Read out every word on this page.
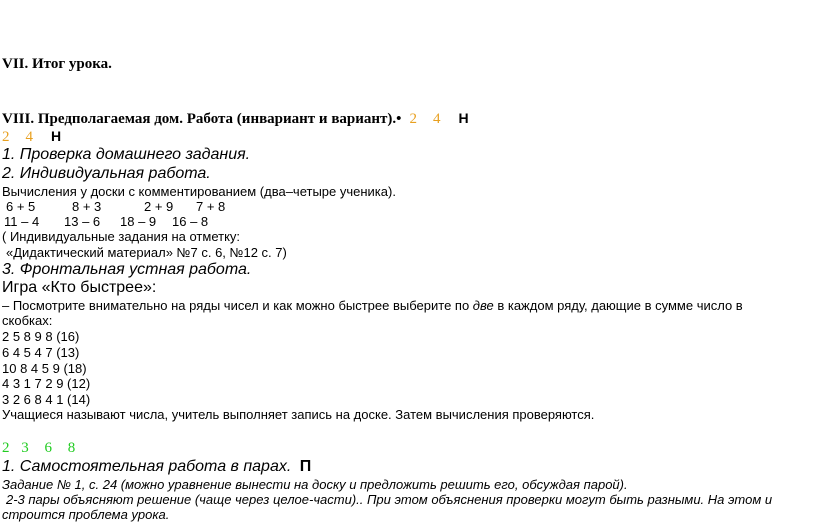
VII. Итог урока.
VIII. Предполагаемая дом. Работа (инвариант и вариант).• 2 4 Н
2 4 Н
1. Проверка домашнего задания.
2. Индивидуальная работа.
Вычисления у доски с комментированием (два–четыре ученика).
6 + 5	8 + 3	2 + 9 7 + 8
11 – 4 13 – 6 18 – 9 16 – 8
( Индивидуальные задания на отметку:
«Дидактический материал» №7 с. 6, №12 с. 7)
3. Фронтальная устная работа.
Игра «Кто быстрее»:
– Посмотрите внимательно на ряды чисел и как можно быстрее выберите по две в каждом ряду, дающие в сумме число в
скобках:
2 5 8 9 8 (16)
6 4 5 4 7 (13)
10 8 4 5 9 (18)
4 3 1 7 2 9 (12)
3 2 6 8 4 1 (14)
Учащиеся называют числа, учитель выполняет запись на доске. Затем вычисления проверяются.
2 3 6 8
1. Самостоятельная работа в парах. П
Задание № 1, с. 24 (можно уравнение вынести на доску и предложить решить его, обсуждая парой).
2-3 пары объясняют решение (чаще через целое-части).. При этом объяснения проверки могут быть разными. На этом и
строится проблема урока.
